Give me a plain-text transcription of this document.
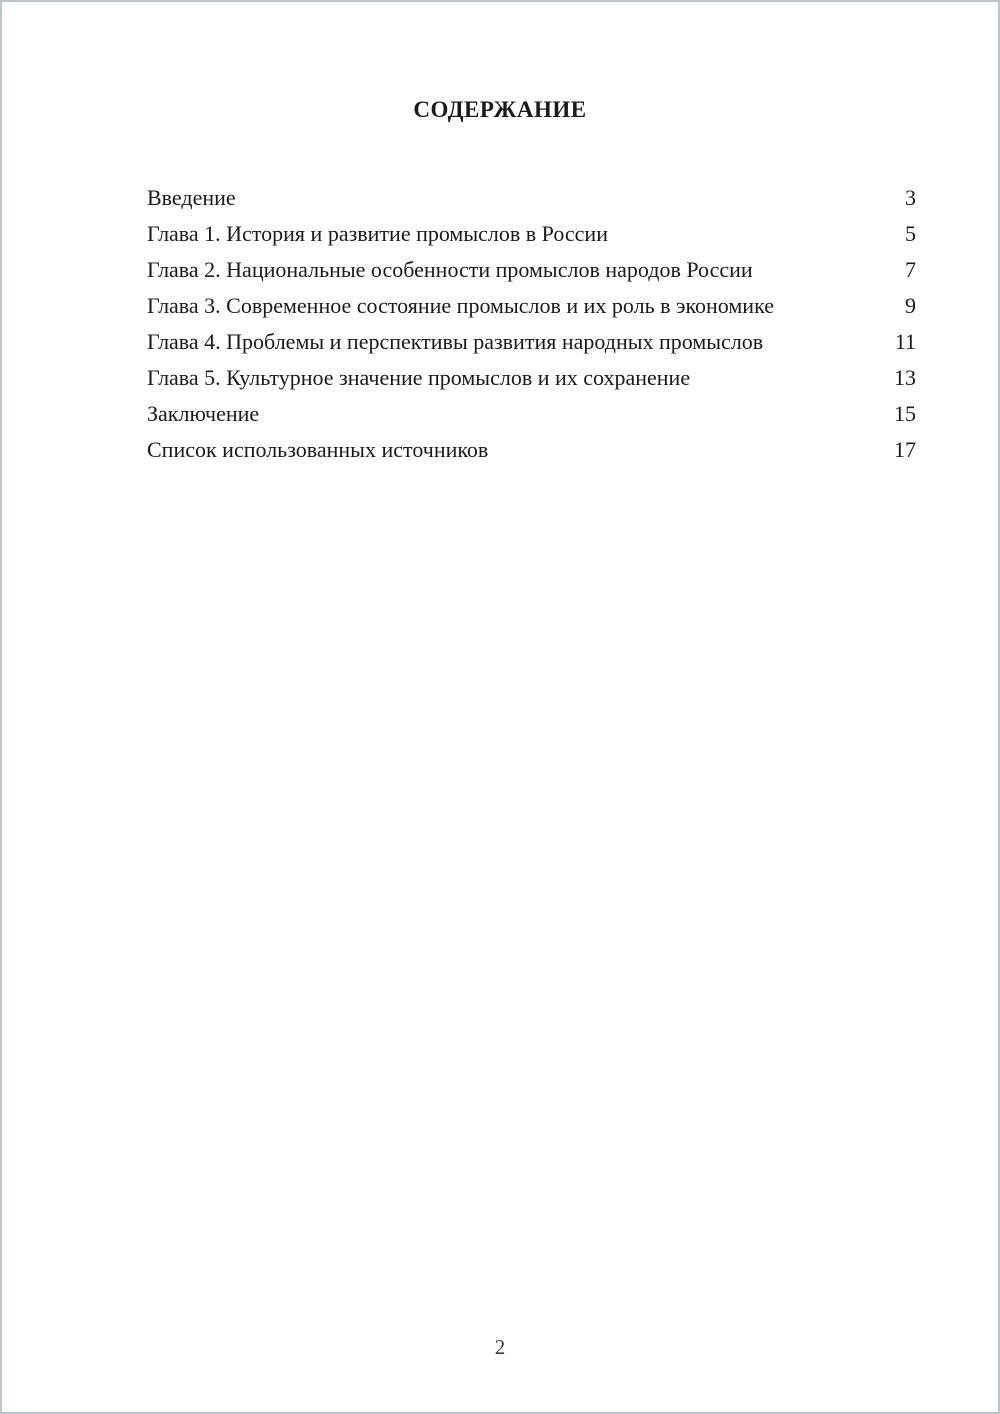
СОДЕРЖАНИЕ
Введение	3
Глава 1. История и развитие промыслов в России	5
Глава 2. Национальные особенности промыслов народов России	7
Глава 3. Современное состояние промыслов и их роль в экономике	9
Глава 4. Проблемы и перспективы развития народных промыслов	11
Глава 5. Культурное значение промыслов и их сохранение	13
Заключение	15
Список использованных источников	17
2
